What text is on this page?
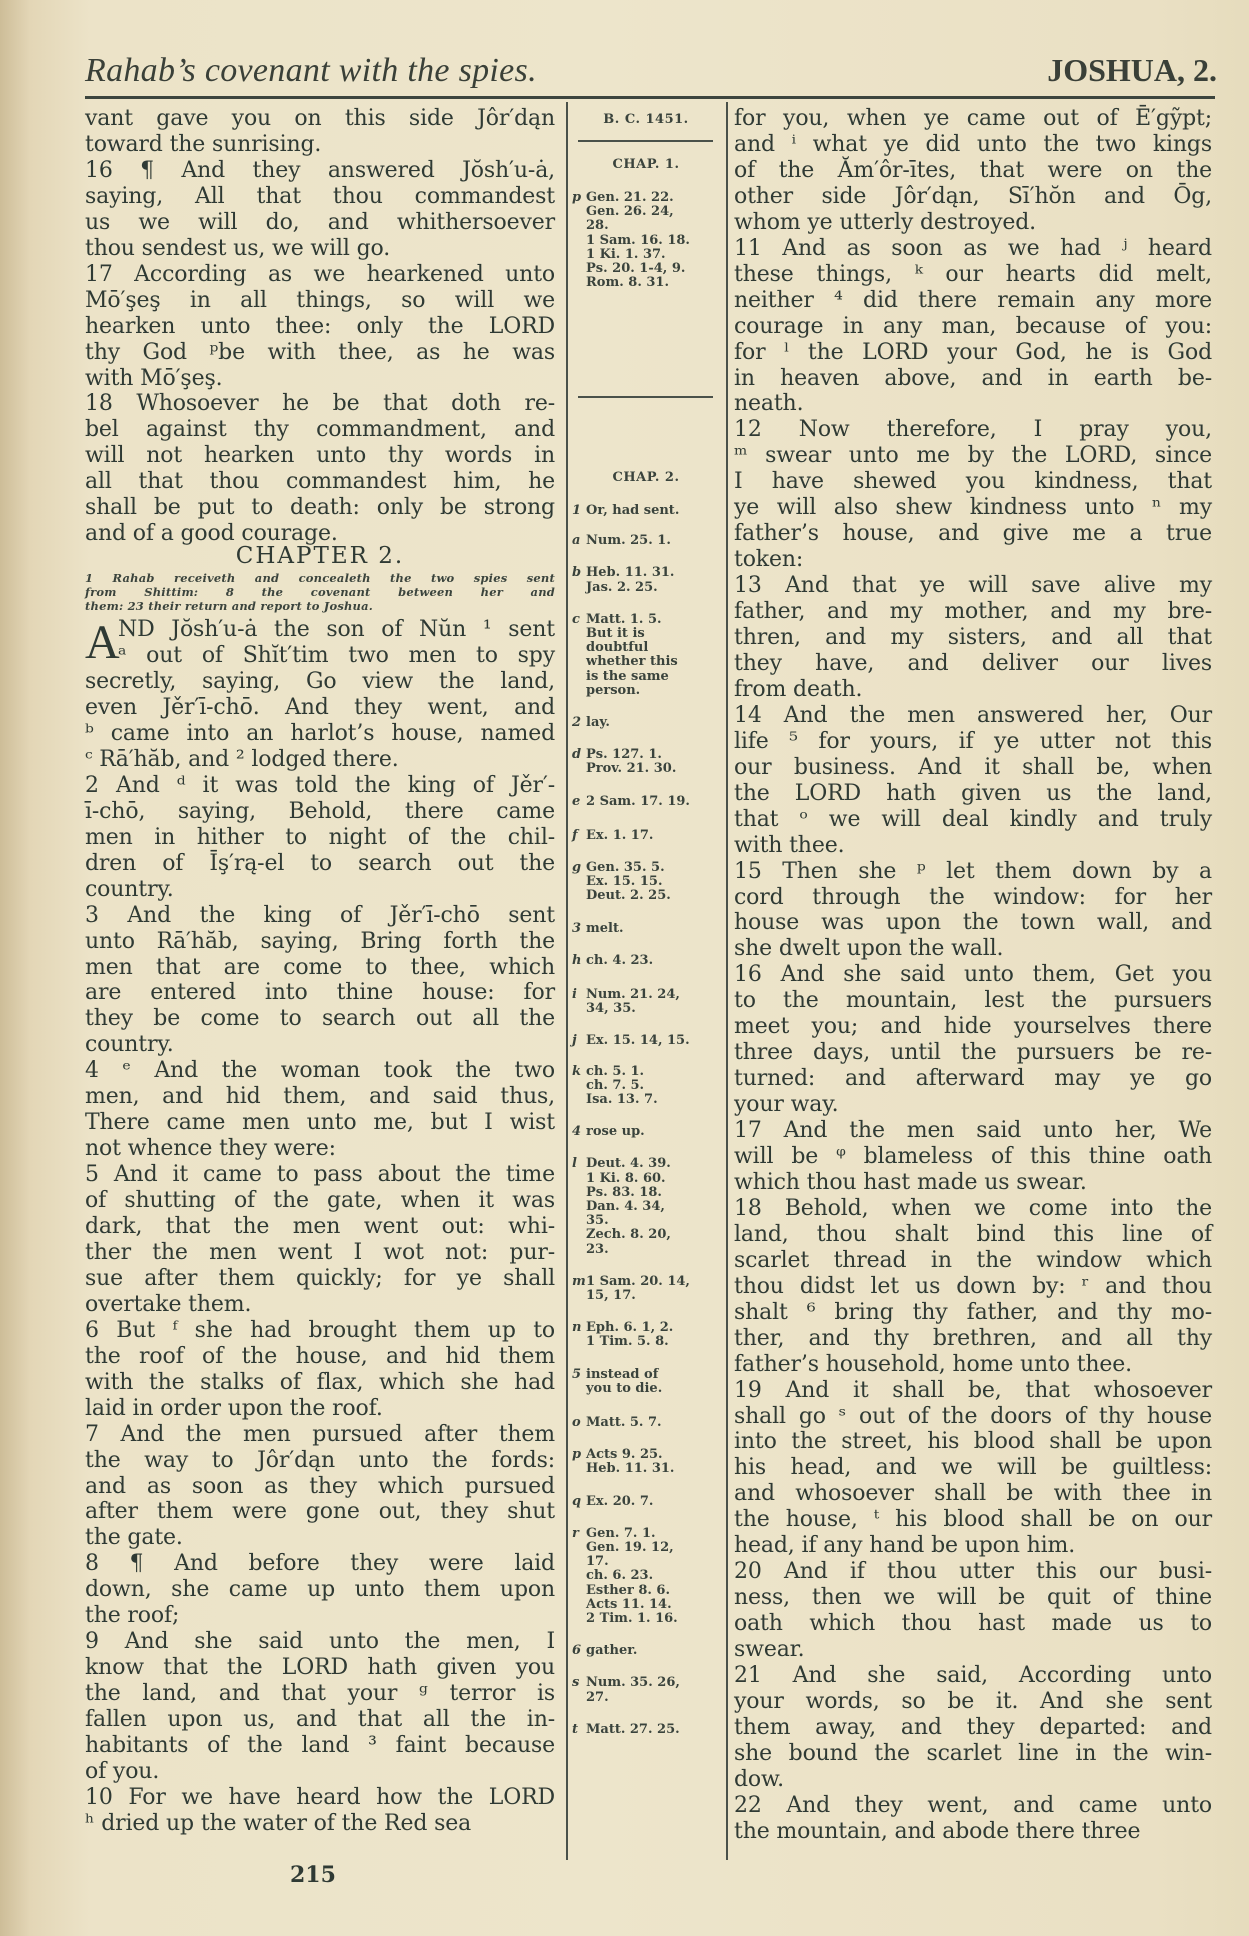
Rahab’s covenant with the spies.	JOSHUA, 2.
vant gave you on this side Jôr′dąn
toward the sunrising.
16 ¶ And they answered Jŏsh′u-ȧ,
saying, All that thou commandest
us we will do, and whithersoever
thou sendest us, we will go.
17 According as we hearkened unto
Mō′şeş in all things, so will we
hearken unto thee: only the LORD
thy God ᵖbe with thee, as he was
with Mō′şeş.
18 Whosoever he be that doth re-
bel against thy commandment, and
will not hearken unto thy words in
all that thou commandest him, he
shall be put to death: only be strong
and of a good courage.
CHAPTER 2.
1 Rahab receiveth and concealeth the two spies sent
from Shittim: 8 the covenant between her and
them: 23 their return and report to Joshua.
A
ND Jŏsh′u-ȧ the son of Nŭn ¹ sent
ᵃ out of Shĭt′tim two men to spy
secretly, saying, Go view the land,
even Jěr′ī-chō. And they went, and
ᵇ came into an harlot’s house, named
ᶜ Rā′hăb, and ² lodged there.
2 And ᵈ it was told the king of Jěr′-
ī-chō, saying, Behold, there came
men in hither to night of the chil-
dren of Īş′rą-el to search out the
country.
3 And the king of Jěr′ī-chō sent
unto Rā′hăb, saying, Bring forth the
men that are come to thee, which
are entered into thine house: for
they be come to search out all the
country.
4 ᵉ And the woman took the two
men, and hid them, and said thus,
There came men unto me, but I wist
not whence they were:
5 And it came to pass about the time
of shutting of the gate, when it was
dark, that the men went out: whi-
ther the men went I wot not: pur-
sue after them quickly; for ye shall
overtake them.
6 But ᶠ she had brought them up to
the roof of the house, and hid them
with the stalks of flax, which she had
laid in order upon the roof.
7 And the men pursued after them
the way to Jôr′dąn unto the fords:
and as soon as they which pursued
after them were gone out, they shut
the gate.
8 ¶ And before they were laid
down, she came up unto them upon
the roof;
9 And she said unto the men, I
know that the LORD hath given you
the land, and that your ᵍ terror is
fallen upon us, and that all the in-
habitants of the land ³ faint because
of you.
10 For we have heard how the LORD
ʰ dried up the water of the Red sea
B. C. 1451.
CHAP. 1.
p Gen. 21. 22.
Gen. 26. 24,
28.
1 Sam. 16. 18.
1 Ki. 1. 37.
Ps. 20. 1-4, 9.
Rom. 8. 31.
CHAP. 2.
1 Or, had sent.
a Num. 25. 1.
b Heb. 11. 31.
Jas. 2. 25.
c Matt. 1. 5.
But it is
doubtful
whether this
is the same
person.
2 lay.
d Ps. 127. 1.
Prov. 21. 30.
e 2 Sam. 17. 19.
f Ex. 1. 17.
g Gen. 35. 5.
Ex. 15. 15.
Deut. 2. 25.
3 melt.
h ch. 4. 23.
i Num. 21. 24,
34, 35.
j Ex. 15. 14, 15.
k ch. 5. 1.
ch. 7. 5.
Isa. 13. 7.
4 rose up.
l Deut. 4. 39.
1 Ki. 8. 60.
Ps. 83. 18.
Dan. 4. 34,
35.
Zech. 8. 20,
23.
m1 Sam. 20. 14,
15, 17.
n Eph. 6. 1, 2.
1 Tim. 5. 8.
5 instead of
you to die.
o Matt. 5. 7.
p Acts 9. 25.
Heb. 11. 31.
q Ex. 20. 7.
r Gen. 7. 1.
Gen. 19. 12,
17.
ch. 6. 23.
Esther 8. 6.
Acts 11. 14.
2 Tim. 1. 16.
6 gather.
s Num. 35. 26,
27.
t Matt. 27. 25.
for you, when ye came out of Ē′gỹpt;
and ⁱ what ye did unto the two kings
of the Ăm′ôr-ītes, that were on the
other side Jôr′dąn, Sī′hŏn and Ōg,
whom ye utterly destroyed.
11 And as soon as we had ʲ heard
these things, ᵏ our hearts did melt,
neither ⁴ did there remain any more
courage in any man, because of you:
for ˡ the LORD your God, he is God
in heaven above, and in earth be-
neath.
12 Now therefore, I pray you,
ᵐ swear unto me by the LORD, since
I have shewed you kindness, that
ye will also shew kindness unto ⁿ my
father’s house, and give me a true
token:
13 And that ye will save alive my
father, and my mother, and my bre-
thren, and my sisters, and all that
they have, and deliver our lives
from death.
14 And the men answered her, Our
life ⁵ for yours, if ye utter not this
our business. And it shall be, when
the LORD hath given us the land,
that ᵒ we will deal kindly and truly
with thee.
15 Then she ᵖ let them down by a
cord through the window: for her
house was upon the town wall, and
she dwelt upon the wall.
16 And she said unto them, Get you
to the mountain, lest the pursuers
meet you; and hide yourselves there
three days, until the pursuers be re-
turned: and afterward may ye go
your way.
17 And the men said unto her, We
will be ᵠ blameless of this thine oath
which thou hast made us swear.
18 Behold, when we come into the
land, thou shalt bind this line of
scarlet thread in the window which
thou didst let us down by: ʳ and thou
shalt ⁶ bring thy father, and thy mo-
ther, and thy brethren, and all thy
father’s household, home unto thee.
19 And it shall be, that whosoever
shall go ˢ out of the doors of thy house
into the street, his blood shall be upon
his head, and we will be guiltless:
and whosoever shall be with thee in
the house, ᵗ his blood shall be on our
head, if any hand be upon him.
20 And if thou utter this our busi-
ness, then we will be quit of thine
oath which thou hast made us to
swear.
21 And she said, According unto
your words, so be it. And she sent
them away, and they departed: and
she bound the scarlet line in the win-
dow.
22 And they went, and came unto
the mountain, and abode there three
215
